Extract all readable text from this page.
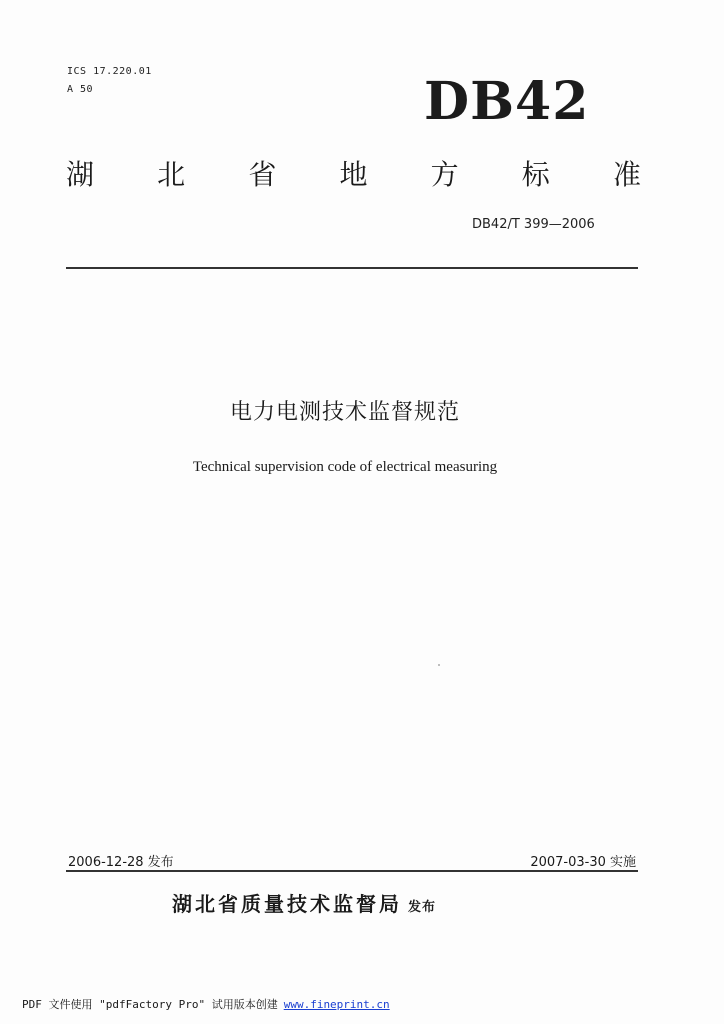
ICS 17.220.01
A 50	DB42
湖 北 省 地 方 标 准
DB42/T 399—2006
电力电测技术监督规范
Technical supervision code of electrical measuring
2006-12-28 发布	2007-03-30 实施
湖北省质量技术监督局 发布
PDF 文件使用 "pdfFactory Pro" 试用版本创建 www.fineprint.cn
